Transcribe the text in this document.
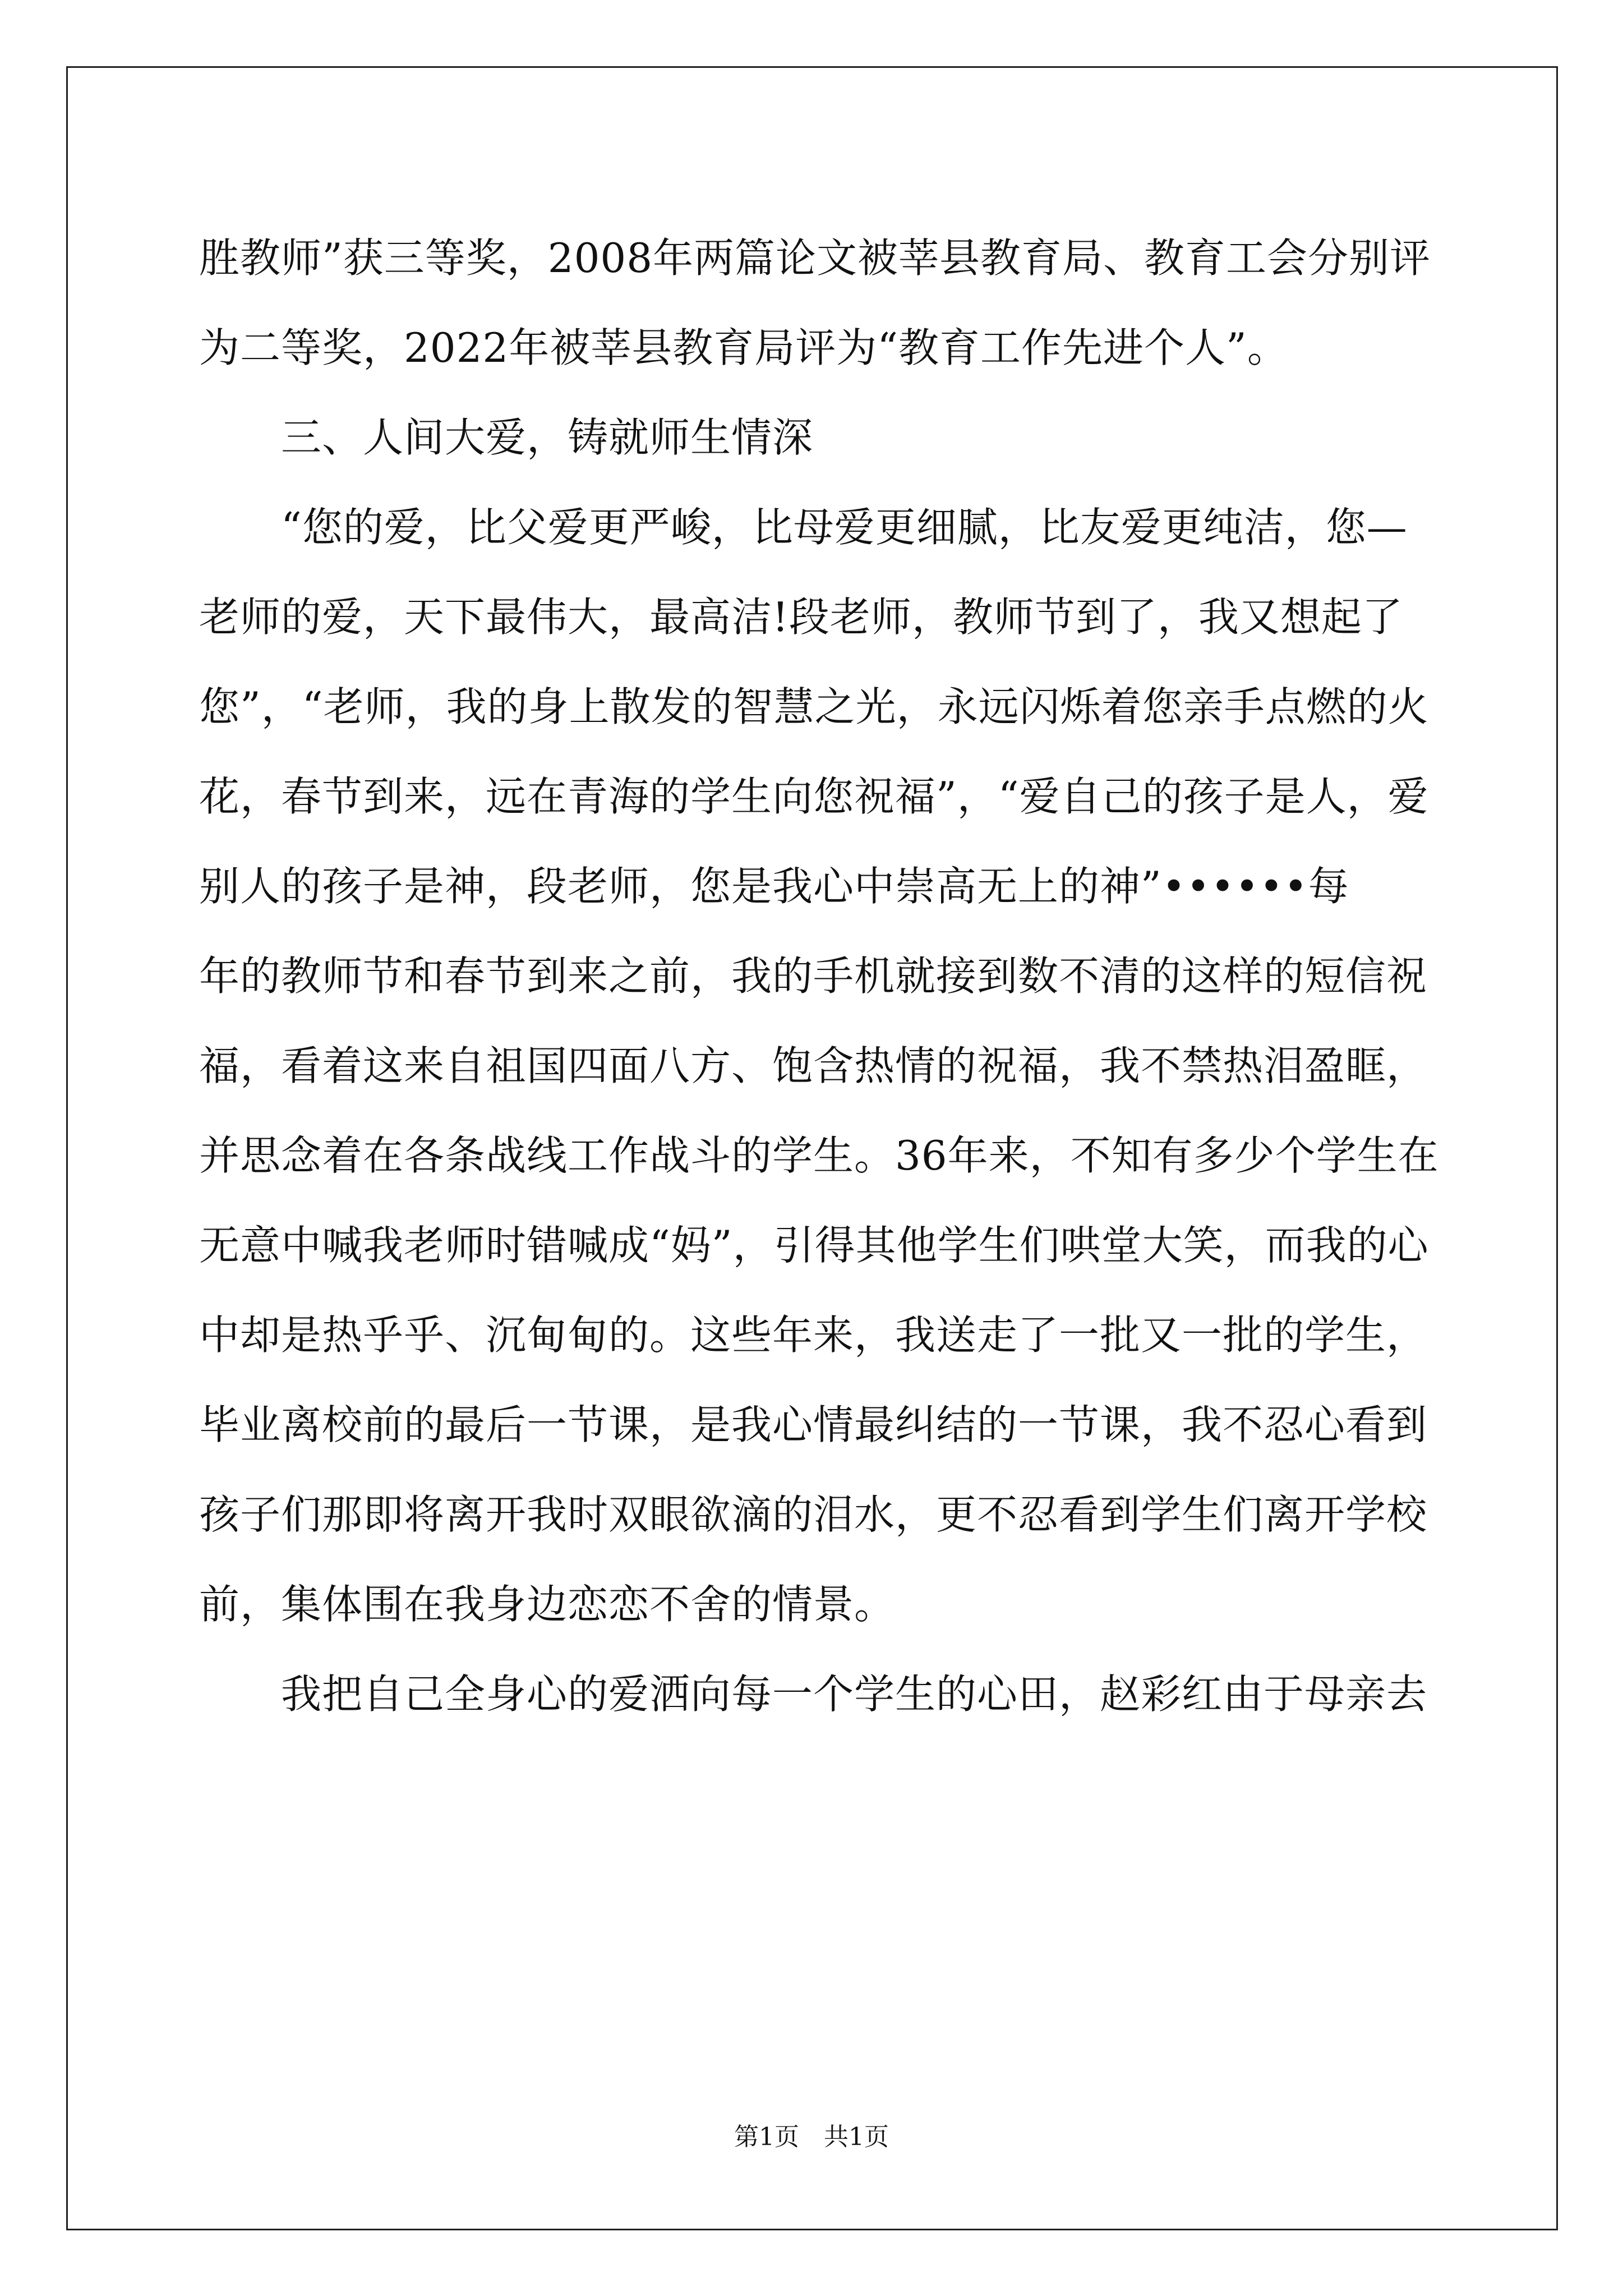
胜教师”获三等奖，2008年两篇论文被莘县教育局、教育工会分别评
为二等奖，2022年被莘县教育局评为“教育工作先进个人”。
三、人间大爱，铸就师生情深
“您的爱，比父爱更严峻，比母爱更细腻，比友爱更纯洁，您—
老师的爱，天下最伟大，最高洁!段老师，教师节到了，我又想起了
您”，“老师，我的身上散发的智慧之光，永远闪烁着您亲手点燃的火
花，春节到来，远在青海的学生向您祝福”，“爱自己的孩子是人，爱
别人的孩子是神，段老师，您是我心中崇高无上的神”••••••每
年的教师节和春节到来之前，我的手机就接到数不清的这样的短信祝
福，看着这来自祖国四面八方、饱含热情的祝福，我不禁热泪盈眶，
并思念着在各条战线工作战斗的学生。36年来，不知有多少个学生在
无意中喊我老师时错喊成“妈”，引得其他学生们哄堂大笑，而我的心
中却是热乎乎、沉甸甸的。这些年来，我送走了一批又一批的学生，
毕业离校前的最后一节课，是我心情最纠结的一节课，我不忍心看到
孩子们那即将离开我时双眼欲滴的泪水，更不忍看到学生们离开学校
前，集体围在我身边恋恋不舍的情景。
我把自己全身心的爱洒向每一个学生的心田，赵彩红由于母亲去
第1页　共1页
